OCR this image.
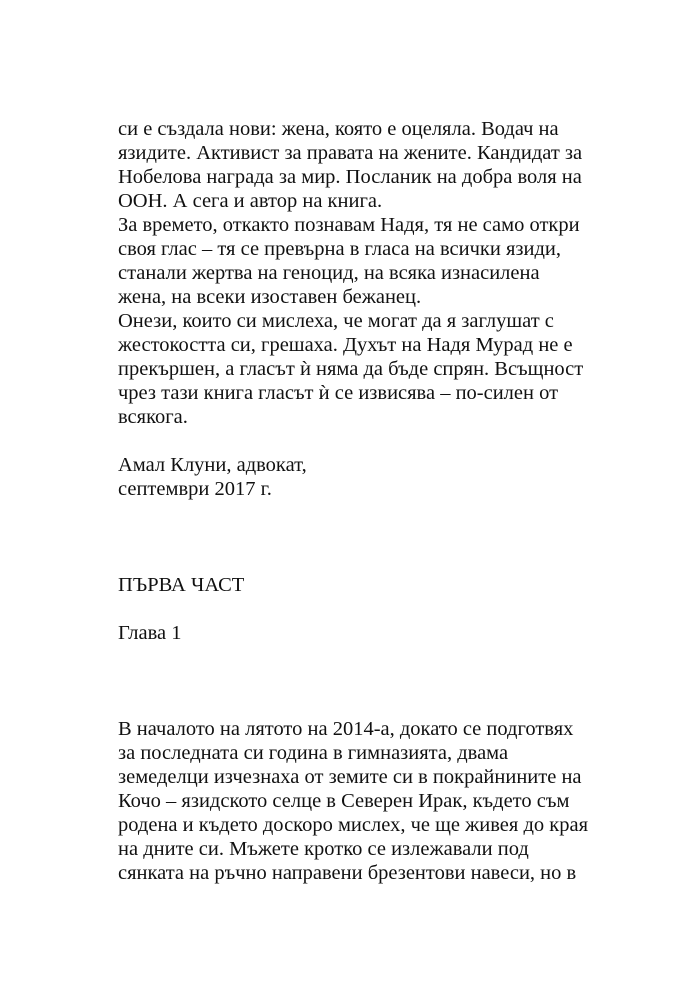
си е създала нови: жена, която е оцеляла. Водач на

язидите. Активист за правата на жените. Кандидат за

Нобелова награда за мир. Посланик на добра воля на

ООН. А сега и автор на книга.

За времето, откакто познавам Надя, тя не само откри

своя глас – тя се превърна в гласа на всички язиди,

станали жертва на геноцид, на всяка изнасилена

жена, на всеки изоставен бежанец.

Онези, които си мислеха, че могат да я заглушат с

жестокостта си, грешаха. Духът на Надя Мурад не е

прекършен, а гласът ѝ няма да бъде спрян. Всъщност

чрез тази книга гласът ѝ се извисява – по-силен от

всякога.

Амал Клуни, адвокат,

септември 2017 г.

ПЪРВА ЧАСТ

Глава 1

В началото на лятото на 2014-а, докато се подготвях

за последната си година в гимназията, двама

земеделци изчезнаха от земите си в покрайнините на

Кочо – язидското селце в Северен Ирак, където съм

родена и където доскоро мислех, че ще живея до края

на дните си. Мъжете кротко се излежавали под

сянката на ръчно направени брезентови навеси, но в
